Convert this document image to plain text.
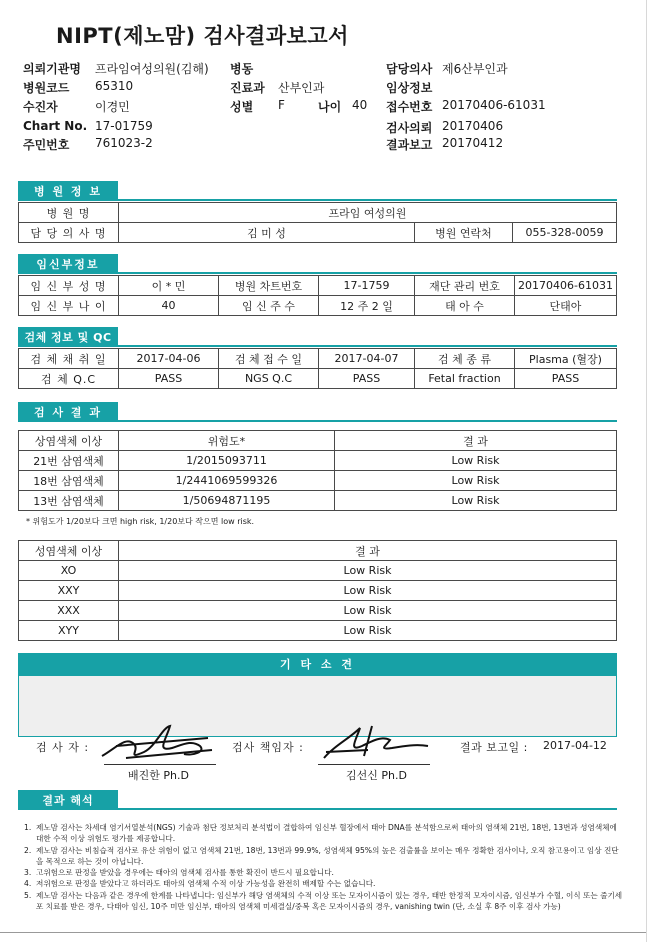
NIPT(제노맘) 검사결과보고서
의뢰기관명 프라임여성의원(김해)
병원코드 65310
수진자	이경민
Chart No. 17-01759
주민번호 761023-2
병동
진료과 산부인과
성별 F	나이 40
담당의사 제6산부인과
임상정보
접수번호 20170406-61031
검사의뢰 20170406
결과보고 20170412
병 원 정 보
병 원 명	프라임 여성의원		
담 당 의 사 명	김 미 성	병원 연락처	055-328-0059
임신부정보
임 신 부 성 명	이 * 민	병원 차트번호	17-1759	재단 관리 번호	20170406-61031
임 신 부 나 이	40	임 신 주 수	12 주 2 일	태 아 수	단태아
검체 정보 및 QC
검 체 채 취 일	2017-04-06	검 체 접 수 일	2017-04-07	검 체 종 류	Plasma (혈장)
검 체 Q.C	PASS	NGS Q.C	PASS	Fetal fraction	PASS
검 사 결 과
상염색체 이상	위험도*	결 과
21번 삼염색체	1/2015093711	Low Risk
18번 삼염색체	1/2441069599326	Low Risk
13번 삼염색체	1/50694871195	Low Risk
* 위험도가 1/20보다 크면 high risk, 1/20보다 작으면 low risk.
성염색체 이상	결 과
XO	Low Risk
XXY	Low Risk
XXX	Low Risk
XYY	Low Risk
기 타 소 견
검 사 자 :
배진한 Ph.D
검사 책임자 :
김선신 Ph.D
결과 보고일 : 2017-04-12
결과 해석
1. 제노맘 검사는 차세대 염기서열분석(NGS) 기술과 첨단 정보처리 분석법이 결합하여 임신부 혈장에서 태아 DNA를 분석함으로써 태아의 염색체 21번, 18번, 13번과 성염색체에 대한 수적 이상 위험도 평가를 제공합니다.
2. 제노맘 검사는 비침습적 검사로 유산 위험이 없고 염색체 21번, 18번, 13번과 99.9%, 성염색체 95%의 높은 검출률을 보이는 매우 정확한 검사이나, 오직 참고용이고 임상 진단을 목적으로 하는 것이 아닙니다.
3. 고위험으로 판정을 받았을 경우에는 태아의 염색체 검사를 통한 확진이 반드시 필요합니다.
4. 저위험으로 판정을 받았다고 하더라도 태아의 염색체 수적 이상 가능성을 완전히 배제할 수는 없습니다.
5. 제노맘 검사는 다음과 같은 경우에 한계를 나타냅니다: 임신부가 해당 염색체의 수적 이상 또는 모자이시즘이 있는 경우, 태반 한정적 모자이시즘, 임신부가 수혈, 이식 또는 줄기세포 치료를 받은 경우, 다태아 임신, 10주 미만 임신부, 태아의 염색체 미세결실/중복 혹은 모자이시즘의 경우, vanishing twin (단, 소실 후 8주 이후 검사 가능)
